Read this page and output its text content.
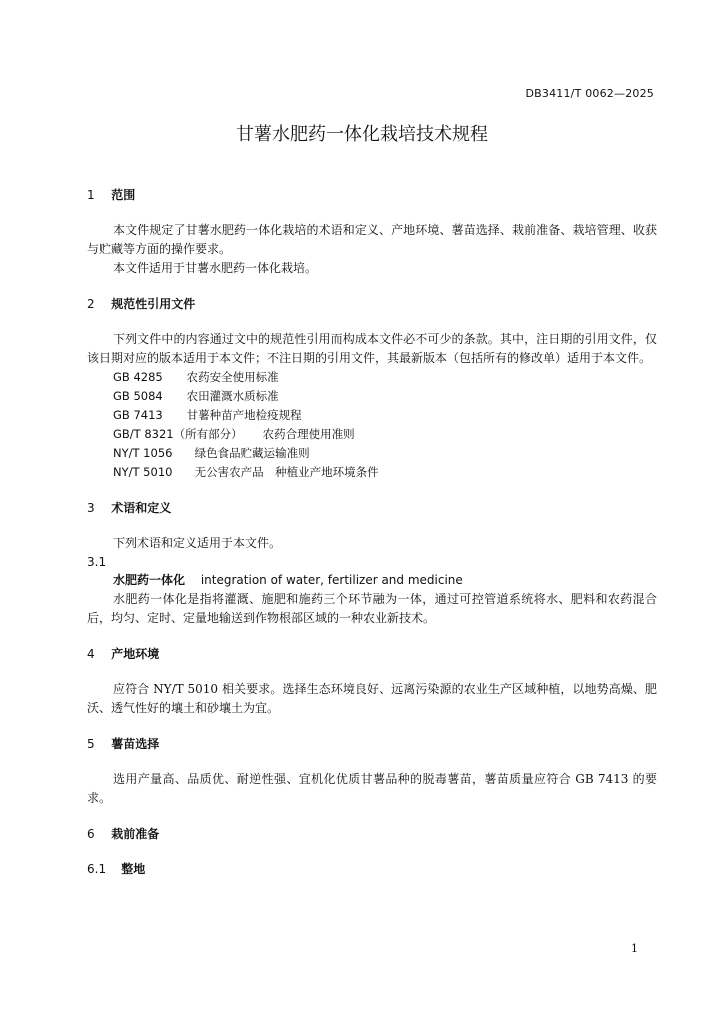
DB3411/T 0062—2025
甘薯水肥药一体化栽培技术规程
1 范围
本文件规定了甘薯水肥药一体化栽培的术语和定义、产地环境、薯苗选择、栽前准备、栽培管理、收获与贮藏等方面的操作要求。
本文件适用于甘薯水肥药一体化栽培。
2 规范性引用文件
下列文件中的内容通过文中的规范性引用而构成本文件必不可少的条款。其中，注日期的引用文件，仅该日期对应的版本适用于本文件；不注日期的引用文件，其最新版本（包括所有的修改单）适用于本文件。
GB 4285 农药安全使用标准
GB 5084 农田灌溉水质标准
GB 7413 甘薯种苗产地检疫规程
GB/T 8321（所有部分） 农药合理使用准则
NY/T 1056 绿色食品贮藏运输准则
NY/T 5010 无公害农产品　种植业产地环境条件
3 术语和定义
下列术语和定义适用于本文件。
3.1
水肥药一体化 integration of water, fertilizer and medicine
水肥药一体化是指将灌溉、施肥和施药三个环节融为一体，通过可控管道系统将水、肥料和农药混合后，均匀、定时、定量地输送到作物根部区域的一种农业新技术。
4 产地环境
应符合 NY/T 5010 相关要求。选择生态环境良好、远离污染源的农业生产区域种植，以地势高燥、肥沃、透气性好的壤土和砂壤土为宜。
5 薯苗选择
选用产量高、品质优、耐逆性强、宜机化优质甘薯品种的脱毒薯苗，薯苗质量应符合 GB 7413 的要求。
6 栽前准备
6.1 整地
1
